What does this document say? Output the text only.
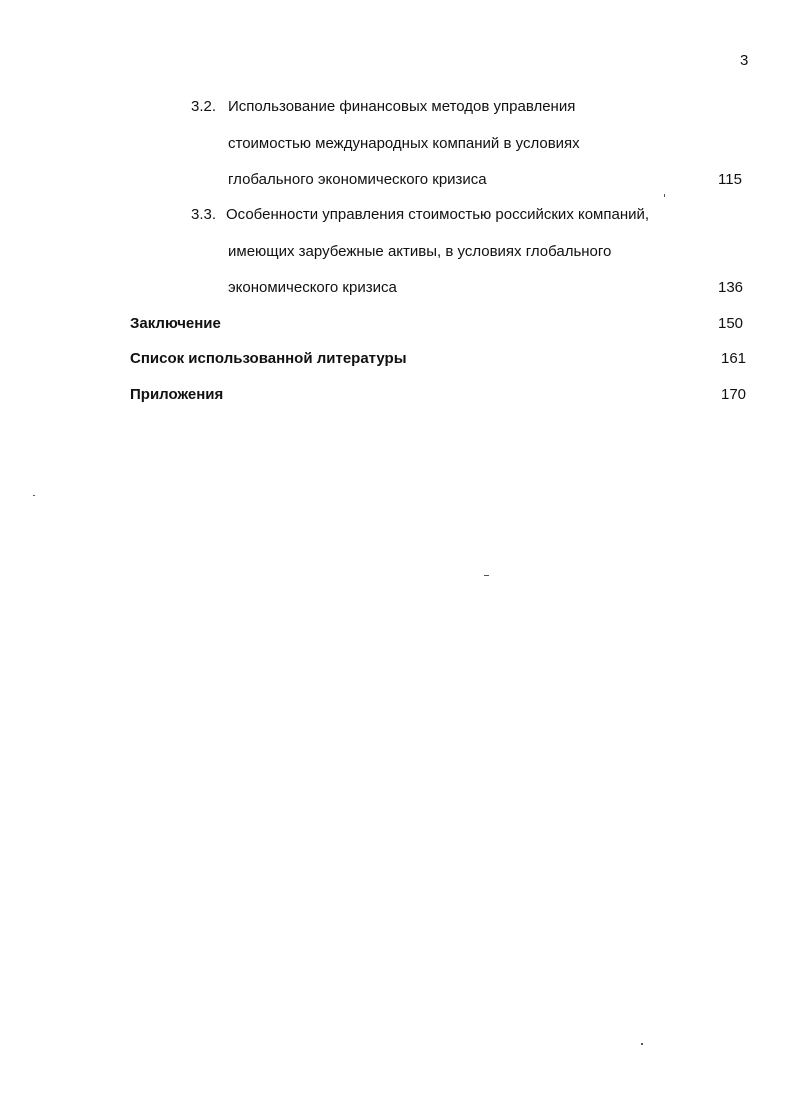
3
3.2. Использование финансовых методов управления
стоимостью международных компаний в условиях
глобального экономического кризиса	115
3.3. Особенности управления стоимостью российских компаний,
имеющих зарубежные активы, в условиях глобального
экономического кризиса	136
Заключение	150
Список использованной литературы	161
Приложения	170
